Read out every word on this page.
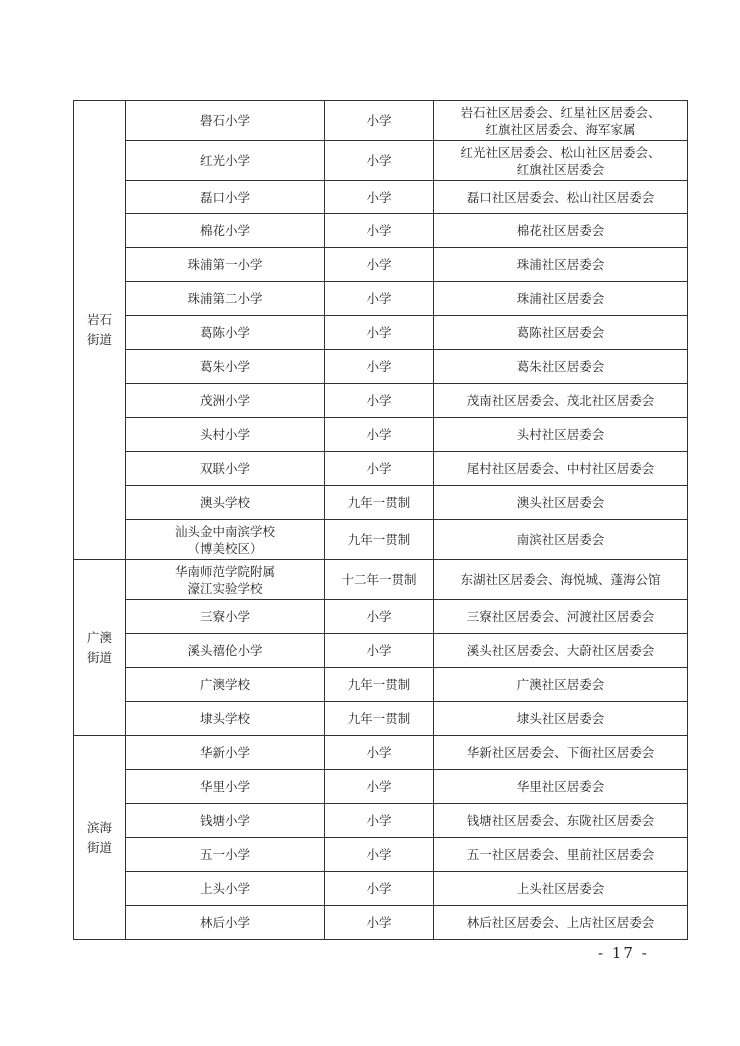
岩石
街道	礐石小学	小学	岩石社区居委会、红星社区居委会、
红旗社区居委会、海军家属
	红光小学	小学	红光社区居委会、松山社区居委会、
红旗社区居委会
	磊口小学	小学	磊口社区居委会、松山社区居委会
	棉花小学	小学	棉花社区居委会
	珠浦第一小学	小学	珠浦社区居委会
	珠浦第二小学	小学	珠浦社区居委会
	葛陈小学	小学	葛陈社区居委会
	葛朱小学	小学	葛朱社区居委会
	茂洲小学	小学	茂南社区居委会、茂北社区居委会
	头村小学	小学	头村社区居委会
	双联小学	小学	尾村社区居委会、中村社区居委会
	澳头学校	九年一贯制	澳头社区居委会
	汕头金中南滨学校
（博美校区）	九年一贯制	南滨社区居委会
广澳
街道	华南师范学院附属
濠江实验学校	十二年一贯制	东湖社区居委会、海悦城、蓬海公馆
	三寮小学	小学	三寮社区居委会、河渡社区居委会
	溪头禧伦小学	小学	溪头社区居委会、大蔚社区居委会
	广澳学校	九年一贯制	广澳社区居委会
	埭头学校	九年一贯制	埭头社区居委会
滨海
街道	华新小学	小学	华新社区居委会、下衙社区居委会
	华里小学	小学	华里社区居委会
	钱塘小学	小学	钱塘社区居委会、东陇社区居委会
	五一小学	小学	五一社区居委会、里前社区居委会
	上头小学	小学	上头社区居委会
	林后小学	小学	林后社区居委会、上店社区居委会
- 17 -
